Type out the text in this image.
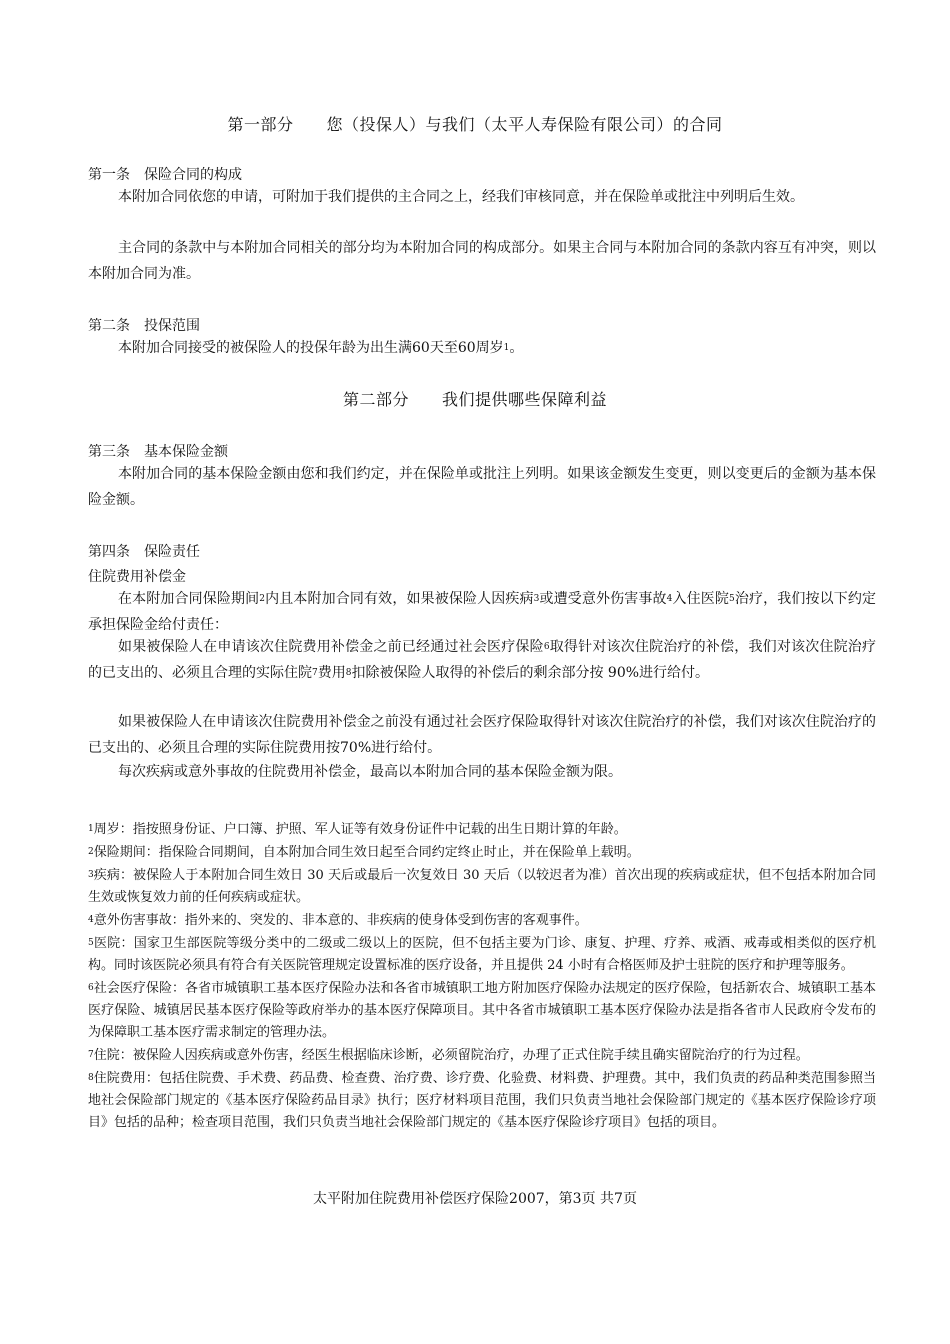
第一部分　　 您（投保人）与我们（太平人寿保险有限公司）的合同
第一条　 保险合同的构成

本附加合同依您的申请，可附加于我们提供的主合同之上，经我们审核同意，并在保险单或批注中列明后生效。

主合同的条款中与本附加合同相关的部分均为本附加合同的构成部分。如果主合同与本附加合同的条款内容互有冲突，则以本附加合同为准。

第二条　 投保范围

本附加合同接受的被保险人的投保年龄为出生满60天至60周岁$^1$。

第二部分　　 我们提供哪些保障利益
第三条　 基本保险金额

本附加合同的基本保险金额由您和我们约定，并在保险单或批注上列明。如果该金额发生变更，则以变更后的金额为基本保险金额。

第四条　 保险责任
住院费用补偿金

在本附加合同保险期间$^2$内且本附加合同有效，如果被保险人因疾病$^3$或遭受意外伤害事故$^4$入住医院$^5$治疗，我们按以下约定承担保险金给付责任：

如果被保险人在申请该次住院费用补偿金之前已经通过社会医疗保险$^6$取得针对该次住院治疗的补偿，我们对该次住院治疗的已支出的、必须且合理的实际住院$^7$费用$^8$扣除被保险人取得的补偿后的剩余部分按 90%进行给付。

如果被保险人在申请该次住院费用补偿金之前没有通过社会医疗保险取得针对该次住院治疗的补偿，我们对该次住院治疗的已支出的、必须且合理的实际住院费用按70%进行给付。

每次疾病或意外事故的住院费用补偿金，最高以本附加合同的基本保险金额为限。

1周岁：指按照身份证、户口簿、护照、军人证等有效身份证件中记载的出生日期计算的年龄。

2保险期间：指保险合同期间，自本附加合同生效日起至合同约定终止时止，并在保险单上载明。

3疾病：被保险人于本附加合同生效日 30 天后或最后一次复效日 30 天后（以较迟者为准）首次出现的疾病或症状，但不包括本附加合同生效或恢复效力前的任何疾病或症状。

4意外伤害事故：指外来的、突发的、非本意的、非疾病的使身体受到伤害的客观事件。

5医院：国家卫生部医院等级分类中的二级或二级以上的医院，但不包括主要为门诊、康复、护理、疗养、戒酒、戒毒或相类似的医疗机构。同时该医院必须具有符合有关医院管理规定设置标准的医疗设备，并且提供 24 小时有合格医师及护士驻院的医疗和护理等服务。

6社会医疗保险：各省市城镇职工基本医疗保险办法和各省市城镇职工地方附加医疗保险办法规定的医疗保险，包括新农合、城镇职工基本医疗保险、城镇居民基本医疗保险等政府举办的基本医疗保障项目。其中各省市城镇职工基本医疗保险办法是指各省市人民政府令发布的为保障职工基本医疗需求制定的管理办法。

7住院：被保险人因疾病或意外伤害，经医生根据临床诊断，必须留院治疗，办理了正式住院手续且确实留院治疗的行为过程。

8住院费用：包括住院费、手术费、药品费、检查费、治疗费、诊疗费、化验费、材料费、护理费。其中，我们负责的药品种类范围参照当地社会保险部门规定的《基本医疗保险药品目录》执行；医疗材料项目范围，我们只负责当地社会保险部门规定的《基本医疗保险诊疗项目》包括的品种；检查项目范围，我们只负责当地社会保险部门规定的《基本医疗保险诊疗项目》包括的项目。

太平附加住院费用补偿医疗保险2007，第3页 共7页
